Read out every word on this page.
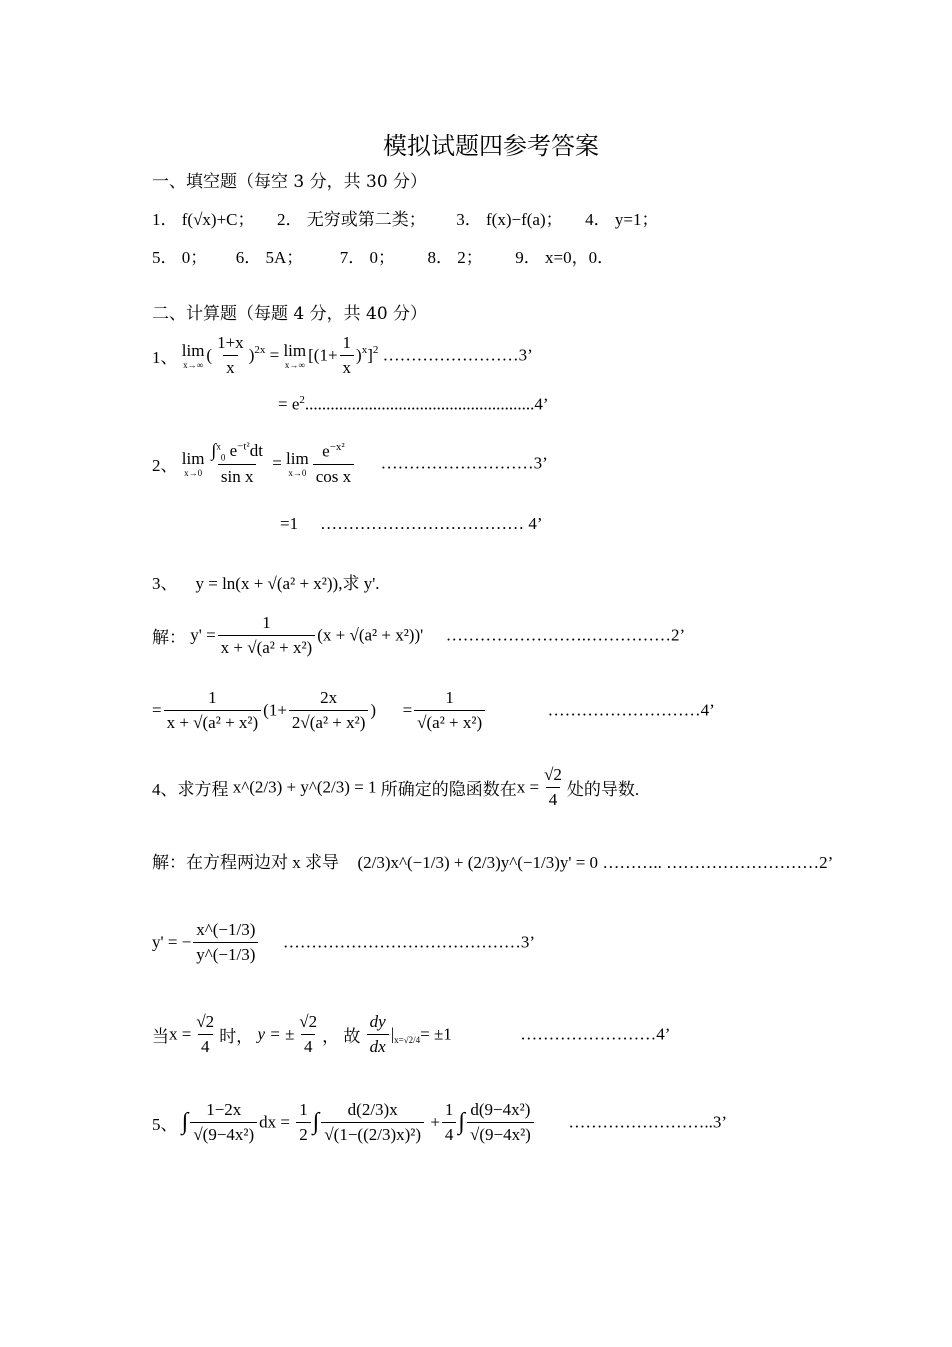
模拟试题四参考答案
一、填空题（每空 3 分，共 30 分）
1． f(√x)+C； 2． 无穷或第二类； 3． f(x)−f(a)； 4． y=1；
5． 0； 6． 5A； 7． 0； 8． 2； 9． x=0，0．
二、计算题（每题 4 分，共 40 分）
1、 lim
x→∞
( $\frac{1+x}{x} )^{2x} = \lim$
x→∞
$[(1+ \frac{1}{x} )^x]^2$ ……………………3’
= $e^2......................................................4$’
2、 lim
$x\to 0 \frac{\int^x_0 e^{-t^2}dt}{\text{sin x}} = \lim$
$x\to 0 \frac{e^{-x^2}}{\text{cos x}}$ ………………………3’
=1 ……………………………… 4’
3、 y = ln(x + √(a² + x²)),求 y'.
解： $y' = \frac{1}{\text{x + √(a² + x²)}} (x + √(a^2 + x^2))'$ …………………….……………2’
= $\frac{1}{\text{x + √(a² + x²)}} (1+ \frac{2x}{\text{2√(a² + x²)}}$ ) = $\frac{1}{\text{√(a² + x²)}}$	………………………4’
4、求方程 x^(2/3) + y^(2/3) = 1 所确定的隐函数在$x = \frac{√2}{4}$ 处的导数.
解：在方程两边对 x 求导 (2/3)x^(−1/3) + (2/3)y^(−1/3)y' = 0 ……….. ………………………2’
y' = − $\frac{x\^{}(-1/3)}{y\^{}(-1/3)}$ ……………………………………3’
当$x = \frac{√2}{4}$ 时， y = ± $\frac{√2}{4}$ ， 故 $\frac{dy}{dx} |_{x=√2/4}= \pm 1$	……………………4’
5、 ∫ $\frac{1-2x}{\text{√(9−4x²)}}$ dx = $\frac{1}{2}$ ∫ $\frac{d(2/3)x}{\text{√(1−((2/3)x)²)}} + \frac{1}{4}$ ∫ $\frac{\text{d(9−4x²)}}{\text{√(9−4x²)}}$ ……………………..3’
